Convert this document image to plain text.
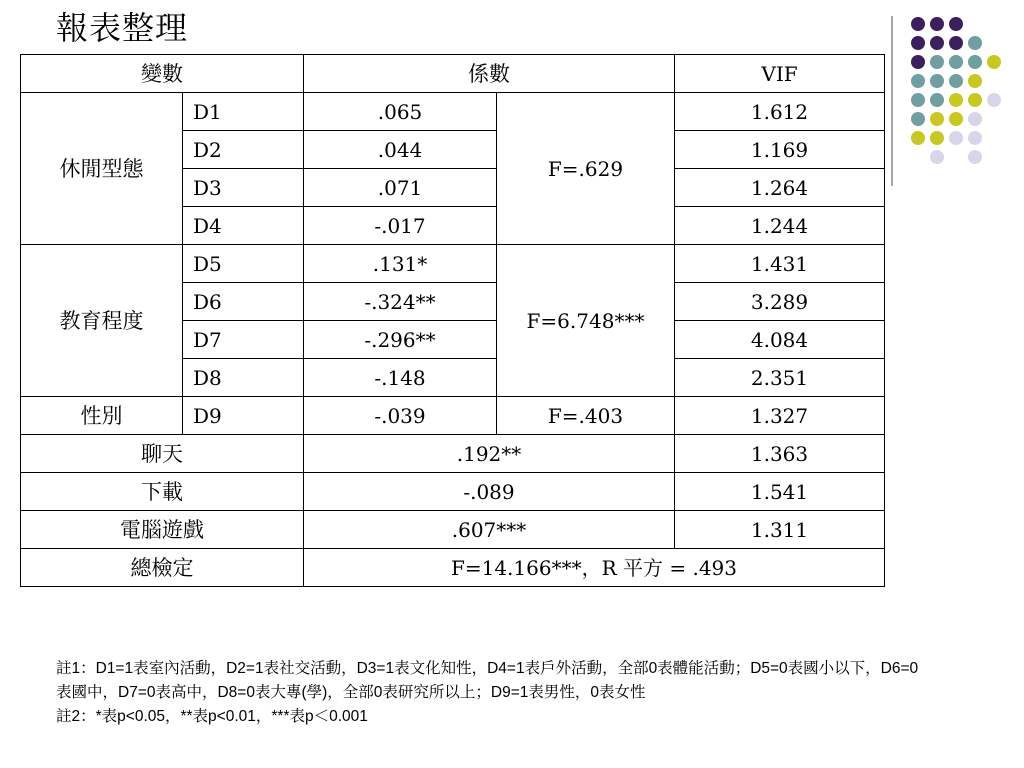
報表整理
變數		係數		VIF
休閒型態	D1	.065	F=.629	1.612
	D2	.044		1.169
	D3	.071		1.264
	D4	-.017		1.244
教育程度	D5	.131*	F=6.748***	1.431
	D6	-.324**		3.289
	D7	-.296**		4.084
	D8	-.148		2.351
性別	D9	-.039	F=.403	1.327
聊天		.192**		1.363
下載		-.089		1.541
電腦遊戲		.607***		1.311
總檢定		F=14.166***，R 平方 = .493		

註1：D1=1表室內活動，D2=1表社交活動，D3=1表文化知性，D4=1表戶外活動，全部0表體能活動；D5=0表國小以下，D6=0表國中，D7=0表高中，D8=0表大專(學)，全部0表研究所以上；D9=1表男性，0表女性

註2：*表p<0.05，**表p<0.01，***表p＜0.001
